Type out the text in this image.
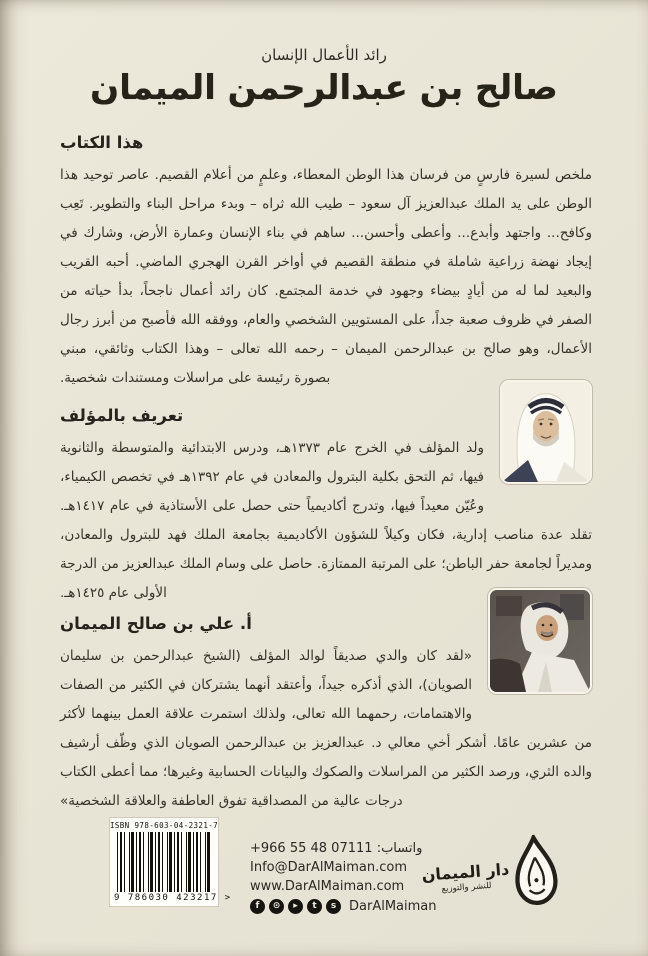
رائد الأعمال الإنسان
صالح بن عبدالرحمن الميمان
هذا الكتاب

ملخص لسيرة فارسٍ من فرسان هذا الوطن المعطاء، وعلمٍ من أعلام القصيم. عاصر توحيد هذا الوطن على يد الملك عبدالعزيز آل سعود – طيب الله ثراه – وبدء مراحل البناء والتطوير. تَعِب وكافح... واجتهد وأبدع... وأعطى وأحسن... ساهم في بناء الإنسان وعمارة الأرض، وشارك في إيجاد نهضة زراعية شاملة في منطقة القصيم في أواخر القرن الهجري الماضي. أحبه القريب والبعيد لما له من أيادٍ بيضاء وجهود في خدمة المجتمع. كان رائد أعمال ناجحاً، بدأ حياته من الصفر في ظروف صعبة جداً، على المستويين الشخصي والعام، ووفقه الله فأصبح من أبرز رجال الأعمال، وهو صالح بن عبدالرحمن الميمان – رحمه الله تعالى – وهذا الكتاب وثائقي، مبني بصورة رئيسة على مراسلات ومستندات شخصية.

تعريف بالمؤلف

ولد المؤلف في الخرج عام ١٣٧٣هـ، ودرس الابتدائية والمتوسطة والثانوية فيها، ثم التحق بكلية البترول والمعادن في عام ١٣٩٢هـ في تخصص الكيمياء، وعُيّن معيداً فيها، وتدرج أكاديمياً حتى حصل على الأستاذية في عام ١٤١٧هـ. تقلد عدة مناصب إدارية، فكان وكيلاً للشؤون الأكاديمية بجامعة الملك فهد للبترول والمعادن، ومديراً لجامعة حفر الباطن؛ على المرتبة الممتازة. حاصل على وسام الملك عبدالعزيز من الدرجة الأولى عام ١٤٢٥هـ.

أ. علي بن صالح الميمان

«لقد كان والدي صديقاً لوالد المؤلف (الشيخ عبدالرحمن بن سليمان الصويان)، الذي أذكره جيداً، وأعتقد أنهما يشتركان في الكثير من الصفات والاهتمامات، رحمهما الله تعالى، ولذلك استمرت علاقة العمل بينهما لأكثر من عشرين عامًا. أشكر أخي معالي د. عبدالعزيز بن عبدالرحمن الصويان الذي وظّف أرشيف والده الثري، ورصد الكثير من المراسلات والصكوك والبيانات الحسابية وغيرها؛ مما أعطى الكتاب درجات عالية من المصداقية تفوق العاطفة والعلاقة الشخصية»

ISBN 978-603-04-2321-7
9 786030 423217 >
واتساب: +966 55 48 07111
Info@DarAlMaiman.com
www.DarAlMaiman.com
f	⊙	▸	t	s DarAlMaiman
دار الميمان
للنشر والتوزيع
